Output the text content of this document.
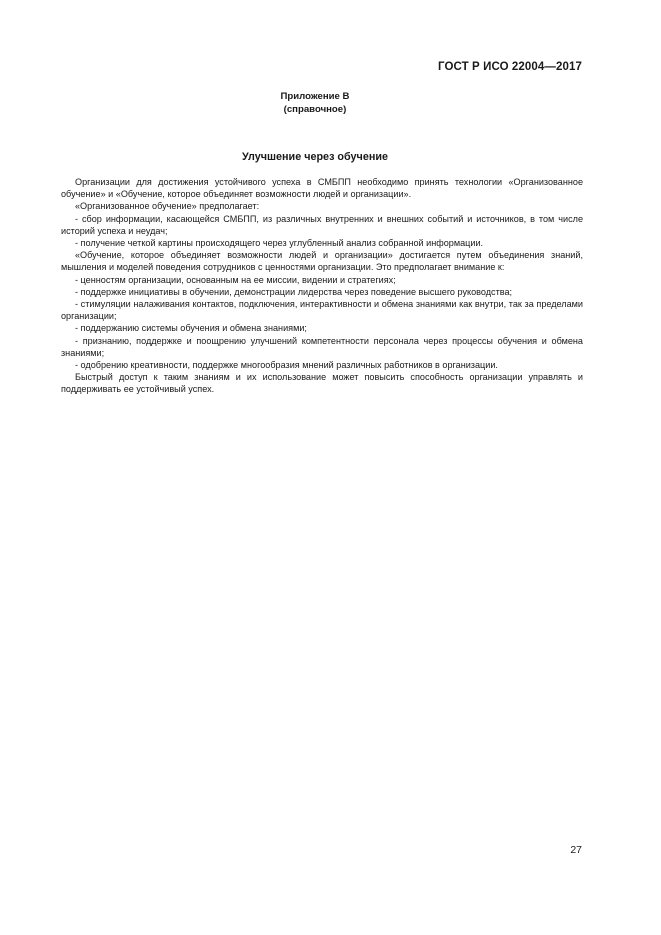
ГОСТ Р ИСО 22004—2017
Приложение В
(справочное)
Улучшение через обучение

Организации для достижения устойчивого успеха в СМБПП необходимо принять технологии «Организованное обучение» и «Обучение, которое объединяет возможности людей и организации».

«Организованное обучение» предполагает:

- сбор информации, касающейся СМБПП, из различных внутренних и внешних событий и источников, в том числе историй успеха и неудач;

- получение четкой картины происходящего через углубленный анализ собранной информации.

«Обучение, которое объединяет возможности людей и организации» достигается путем объединения знаний, мышления и моделей поведения сотрудников с ценностями организации. Это предполагает внимание к:

- ценностям организации, основанным на ее миссии, видении и стратегиях;

- поддержке инициативы в обучении, демонстрации лидерства через поведение высшего руководства;

- стимуляции налаживания контактов, подключения, интерактивности и обмена знаниями как внутри, так за пределами организации;

- поддержанию системы обучения и обмена знаниями;

- признанию, поддержке и поощрению улучшений компетентности персонала через процессы обучения и обмена знаниями;

- одобрению креативности, поддержке многообразия мнений различных работников в организации.

Быстрый доступ к таким знаниям и их использование может повысить способность организации управлять и поддерживать ее устойчивый успех.

27
